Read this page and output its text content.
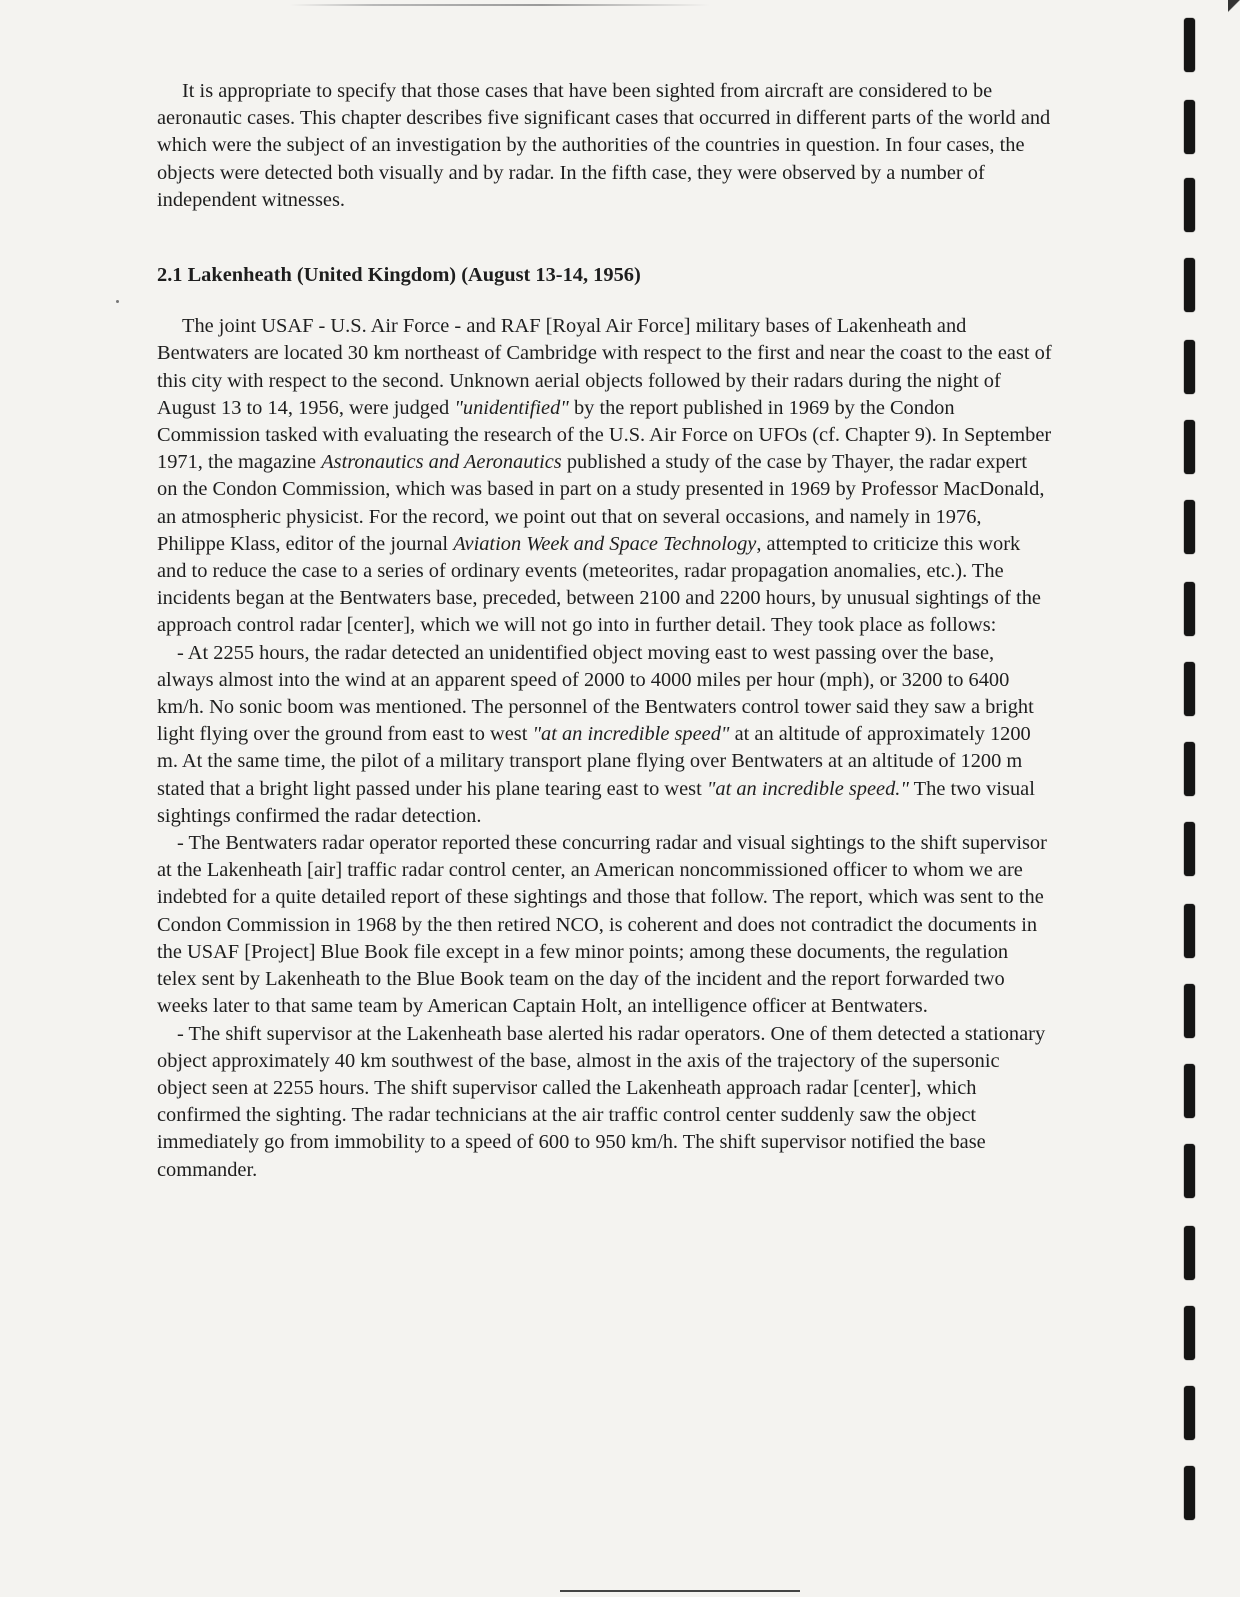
It is appropriate to specify that those cases that have been sighted from aircraft are considered to be aeronautic cases. This chapter describes five significant cases that occurred in different parts of the world and which were the subject of an investigation by the authorities of the countries in question. In four cases, the objects were detected both visually and by radar. In the fifth case, they were observed by a number of independent witnesses.

2.1 Lakenheath (United Kingdom) (August 13-14, 1956)

The joint USAF - U.S. Air Force - and RAF [Royal Air Force] military bases of Lakenheath and Bentwaters are located 30 km northeast of Cambridge with respect to the first and near the coast to the east of this city with respect to the second. Unknown aerial objects followed by their radars during the night of August 13 to 14, 1956, were judged "unidentified" by the report published in 1969 by the Condon Commission tasked with evaluating the research of the U.S. Air Force on UFOs (cf. Chapter 9). In September 1971, the magazine Astronautics and Aeronautics published a study of the case by Thayer, the radar expert on the Condon Commission, which was based in part on a study presented in 1969 by Professor MacDonald, an atmospheric physicist. For the record, we point out that on several occasions, and namely in 1976, Philippe Klass, editor of the journal Aviation Week and Space Technology, attempted to criticize this work and to reduce the case to a series of ordinary events (meteorites, radar propagation anomalies, etc.). The incidents began at the Bentwaters base, preceded, between 2100 and 2200 hours, by unusual sightings of the approach control radar [center], which we will not go into in further detail. They took place as follows:

- At 2255 hours, the radar detected an unidentified object moving east to west passing over the base, always almost into the wind at an apparent speed of 2000 to 4000 miles per hour (mph), or 3200 to 6400 km/h. No sonic boom was mentioned. The personnel of the Bentwaters control tower said they saw a bright light flying over the ground from east to west "at an incredible speed" at an altitude of approximately 1200 m. At the same time, the pilot of a military transport plane flying over Bentwaters at an altitude of 1200 m stated that a bright light passed under his plane tearing east to west "at an incredible speed." The two visual sightings confirmed the radar detection.

- The Bentwaters radar operator reported these concurring radar and visual sightings to the shift supervisor at the Lakenheath [air] traffic radar control center, an American noncommissioned officer to whom we are indebted for a quite detailed report of these sightings and those that follow. The report, which was sent to the Condon Commission in 1968 by the then retired NCO, is coherent and does not contradict the documents in the USAF [Project] Blue Book file except in a few minor points; among these documents, the regulation telex sent by Lakenheath to the Blue Book team on the day of the incident and the report forwarded two weeks later to that same team by American Captain Holt, an intelligence officer at Bentwaters.

- The shift supervisor at the Lakenheath base alerted his radar operators. One of them detected a stationary object approximately 40 km southwest of the base, almost in the axis of the trajectory of the supersonic object seen at 2255 hours. The shift supervisor called the Lakenheath approach radar [center], which confirmed the sighting. The radar technicians at the air traffic control center suddenly saw the object immediately go from immobility to a speed of 600 to 950 km/h. The shift supervisor notified the base commander.
